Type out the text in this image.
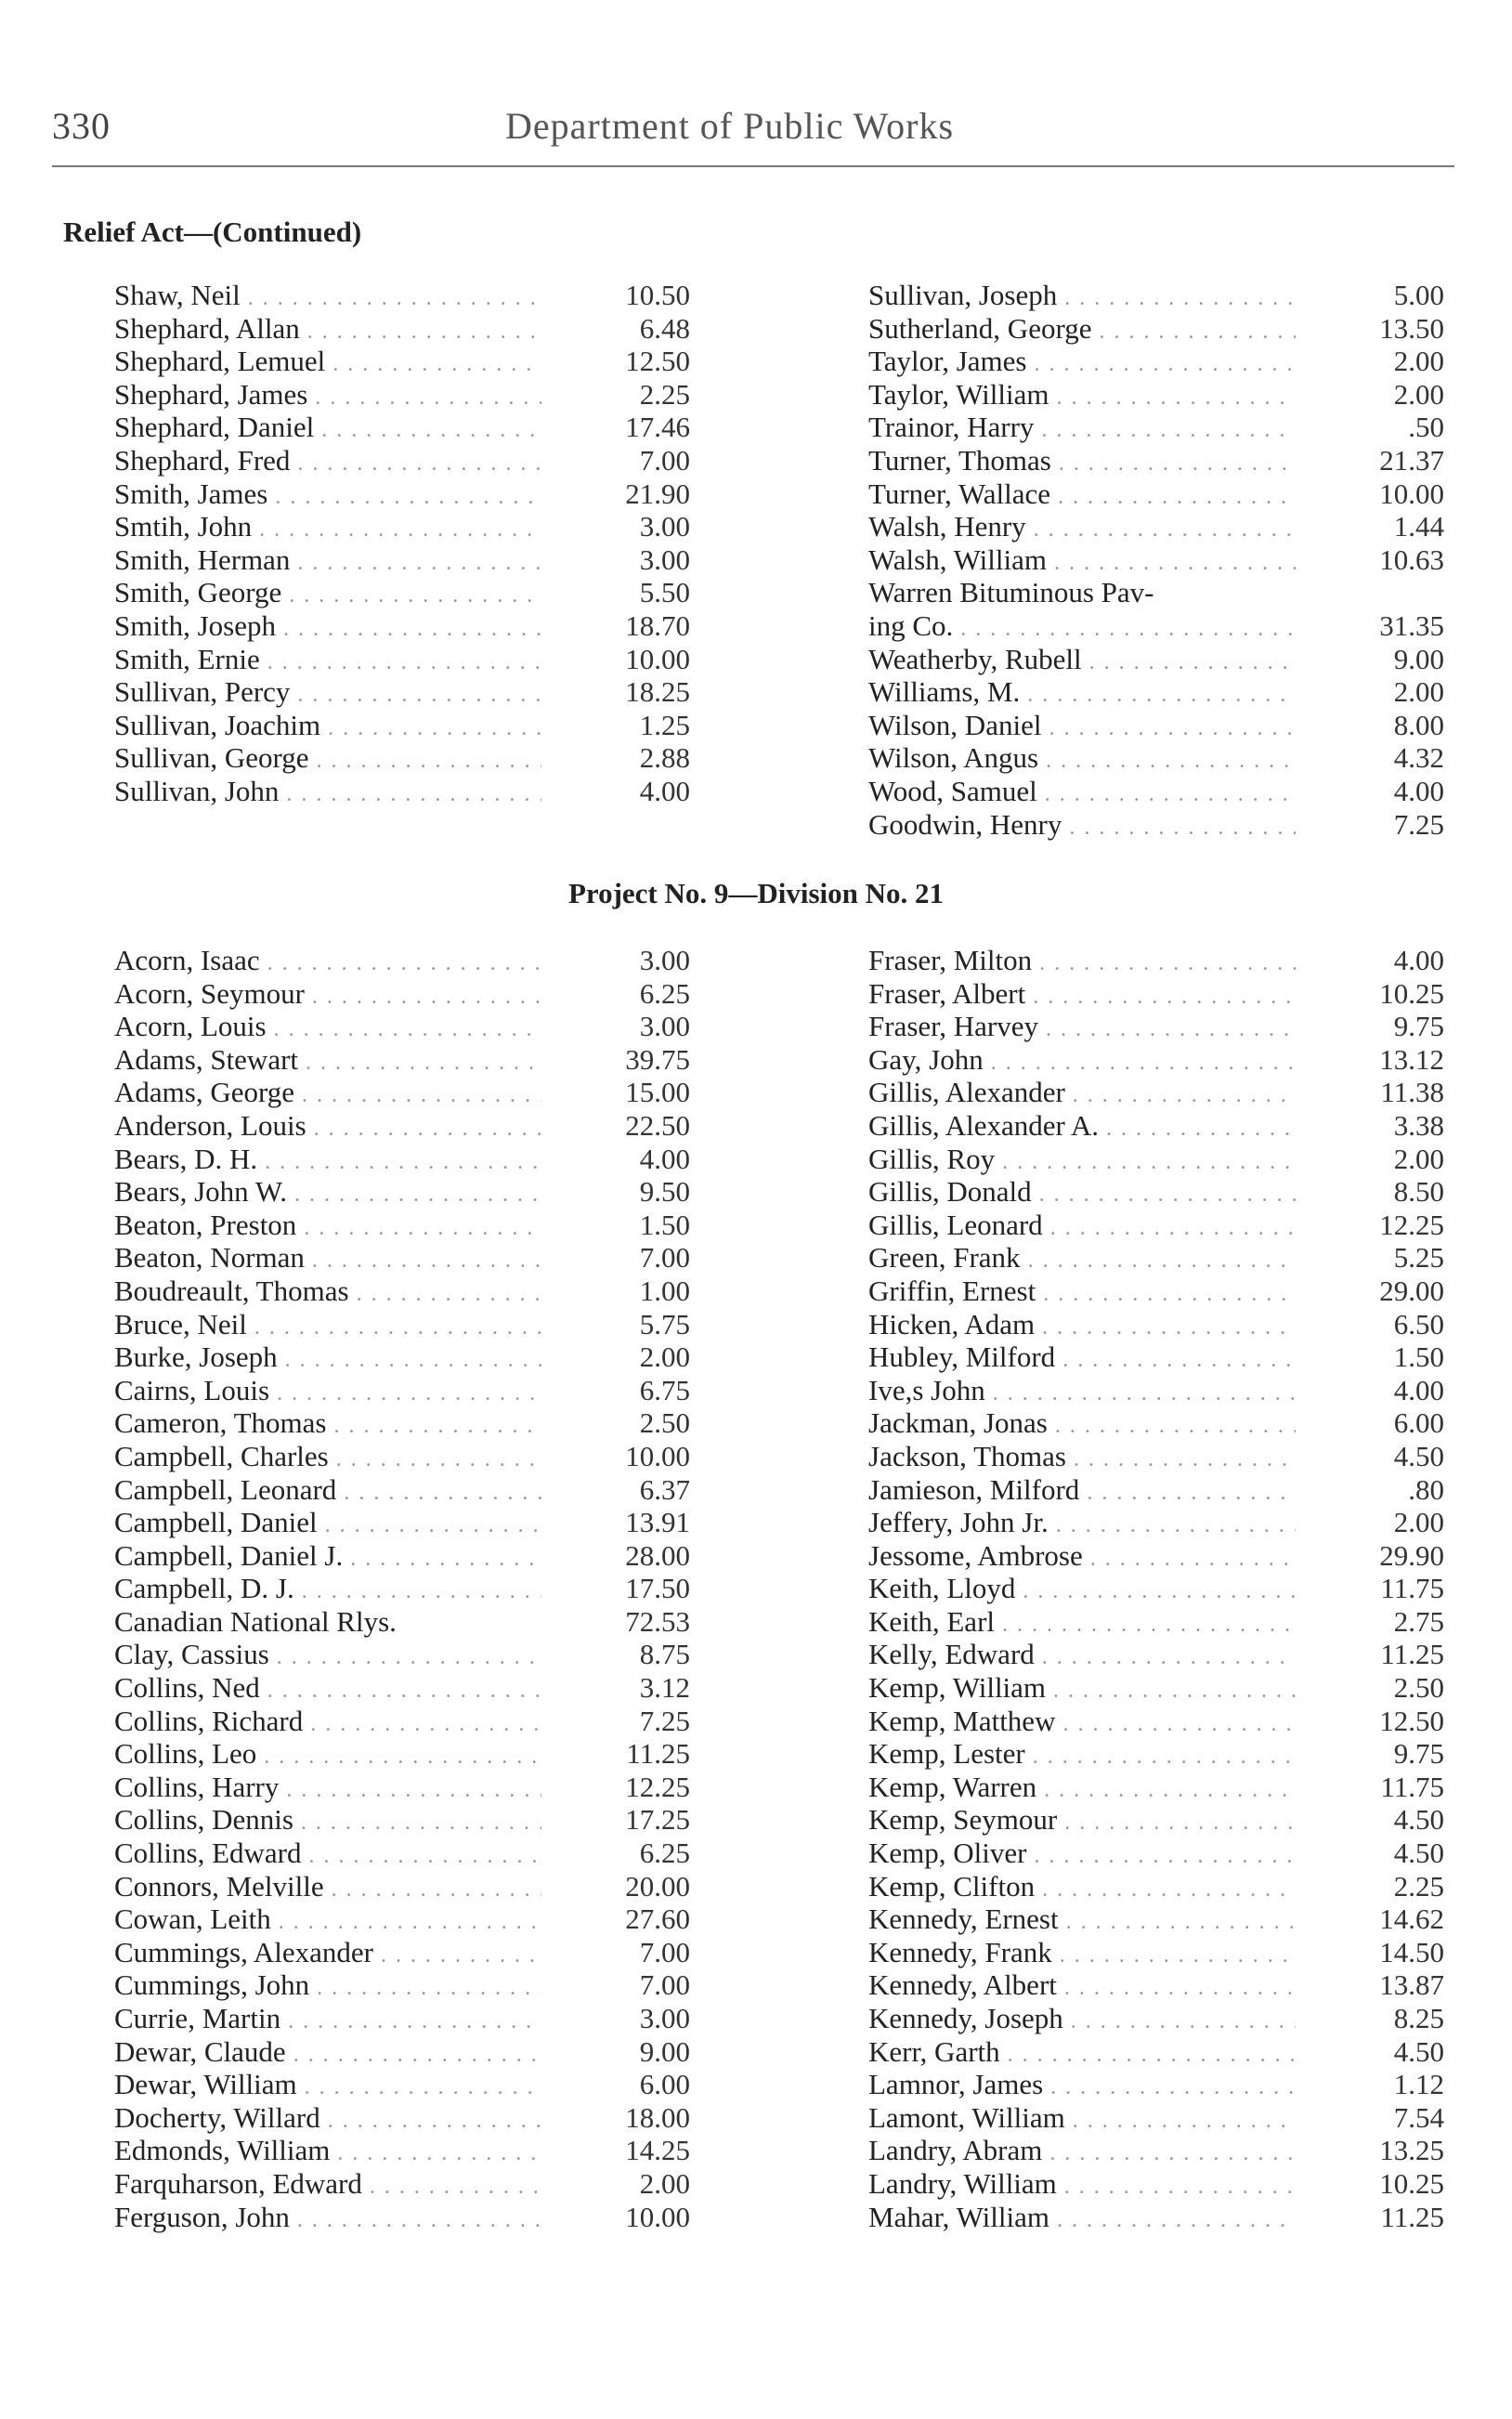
330	Department of Public Works
Relief Act—(Continued)
Shaw, Neil . . .	10.50
Shephard, Allan . . .	6.48
Shephard, Lemuel . . .	12.50
Shephard, James . . .	2.25
Shephard, Daniel . . .	17.46
Shephard, Fred . . .	7.00
Smith, James . . .	21.90
Smtih, John . . .	3.00
Smith, Herman . . .	3.00
Smith, George . . .	5.50
Smith, Joseph . . .	18.70
Smith, Ernie . . .	10.00
Sullivan, Percy . . .	18.25
Sullivan, Joachim . . .	1.25
Sullivan, George . . .	2.88
Sullivan, John . . .	4.00
Sullivan, Joseph . . .	5.00
Sutherland, George . . .	13.50
Taylor, James . . .	2.00
Taylor, William . . .	2.00
Trainor, Harry . . .	.50
Turner, Thomas . . .	21.37
Turner, Wallace . . .	10.00
Walsh, Henry . . .	1.44
Walsh, William . . .	10.63
Warren Bituminous Pav-
ing Co. . . .	31.35
Weatherby, Rubell . . .	9.00
Williams, M. . . .	2.00
Wilson, Daniel . . .	8.00
Wilson, Angus . . .	4.32
Wood, Samuel . . .	4.00
Goodwin, Henry . . .	7.25
Project No. 9—Division No. 21
Acorn, Isaac . . .	3.00
Acorn, Seymour . . .	6.25
Acorn, Louis . . .	3.00
Adams, Stewart . . .	39.75
Adams, George . . .	15.00
Anderson, Louis . . .	22.50
Bears, D. H. . . .	4.00
Bears, John W. . . .	9.50
Beaton, Preston . . .	1.50
Beaton, Norman . . .	7.00
Boudreault, Thomas . . .	1.00
Bruce, Neil . . .	5.75
Burke, Joseph . . .	2.00
Cairns, Louis . . .	6.75
Cameron, Thomas . . .	2.50
Campbell, Charles . . .	10.00
Campbell, Leonard . . .	6.37
Campbell, Daniel . . .	13.91
Campbell, Daniel J. . . .	28.00
Campbell, D. J. . . .	17.50
Canadian National Rlys.	72.53
Clay, Cassius . . .	8.75
Collins, Ned . . .	3.12
Collins, Richard . . .	7.25
Collins, Leo . . .	11.25
Collins, Harry . . .	12.25
Collins, Dennis . . .	17.25
Collins, Edward . . .	6.25
Connors, Melville . . .	20.00
Cowan, Leith . . .	27.60
Cummings, Alexander . . .	7.00
Cummings, John . . .	7.00
Currie, Martin . . .	3.00
Dewar, Claude . . .	9.00
Dewar, William . . .	6.00
Docherty, Willard . . .	18.00
Edmonds, William . . .	14.25
Farquharson, Edward . . .	2.00
Ferguson, John . . .	10.00
Fraser, Milton . . .	4.00
Fraser, Albert . . .	10.25
Fraser, Harvey . . .	9.75
Gay, John . . .	13.12
Gillis, Alexander . . .	11.38
Gillis, Alexander A. . . .	3.38
Gillis, Roy . . .	2.00
Gillis, Donald . . .	8.50
Gillis, Leonard . . .	12.25
Green, Frank . . .	5.25
Griffin, Ernest . . .	29.00
Hicken, Adam . . .	6.50
Hubley, Milford . . .	1.50
Ive,s John . . .	4.00
Jackman, Jonas . . .	6.00
Jackson, Thomas . . .	4.50
Jamieson, Milford . . .	.80
Jeffery, John Jr. . . .	2.00
Jessome, Ambrose . . .	29.90
Keith, Lloyd . . .	11.75
Keith, Earl . . .	2.75
Kelly, Edward . . .	11.25
Kemp, William . . .	2.50
Kemp, Matthew . . .	12.50
Kemp, Lester . . .	9.75
Kemp, Warren . . .	11.75
Kemp, Seymour . . .	4.50
Kemp, Oliver . . .	4.50
Kemp, Clifton . . .	2.25
Kennedy, Ernest . . .	14.62
Kennedy, Frank . . .	14.50
Kennedy, Albert . . .	13.87
Kennedy, Joseph . . .	8.25
Kerr, Garth . . .	4.50
Lamnor, James . . .	1.12
Lamont, William . . .	7.54
Landry, Abram . . .	13.25
Landry, William . . .	10.25
Mahar, William . . .	11.25
